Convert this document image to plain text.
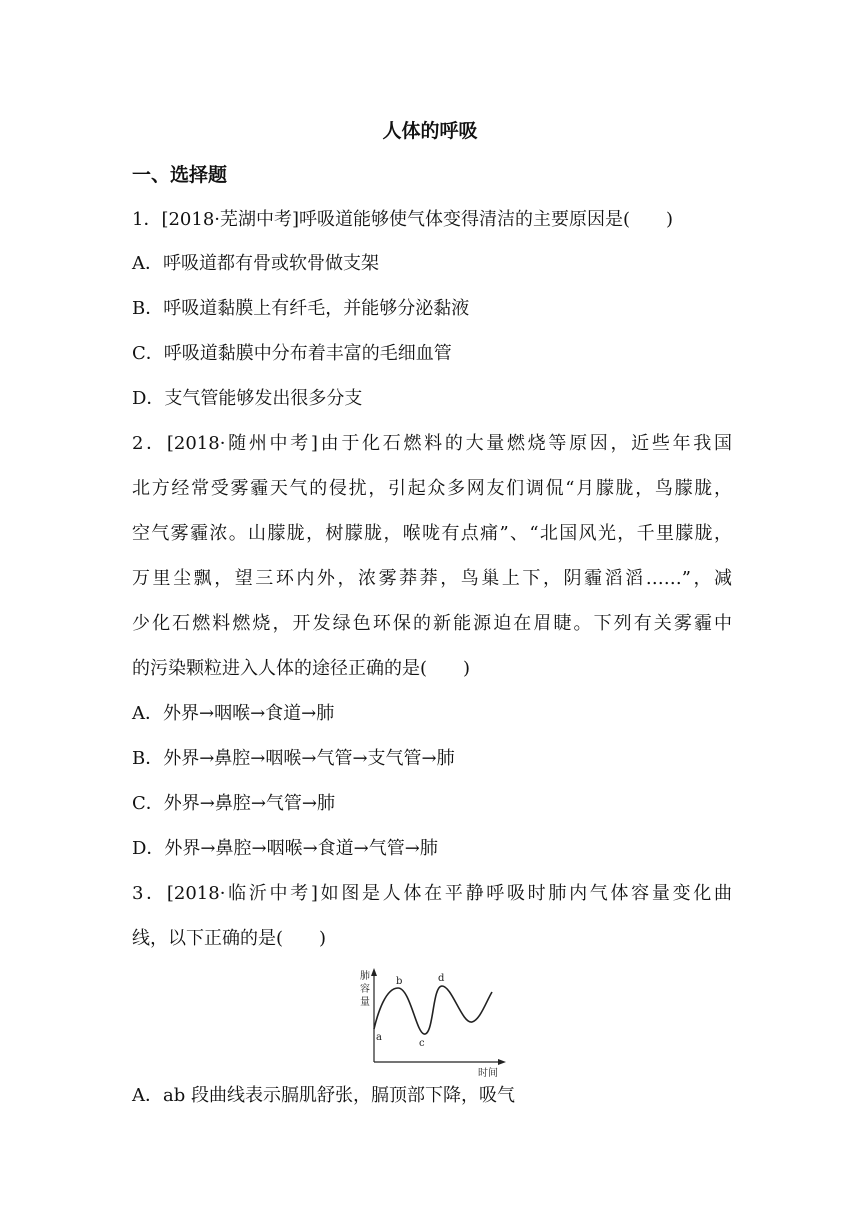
人体的呼吸
一、选择题
1．[2018·芜湖中考]呼吸道能够使气体变得清洁的主要原因是(　　)
A．呼吸道都有骨或软骨做支架
B．呼吸道黏膜上有纤毛，并能够分泌黏液
C．呼吸道黏膜中分布着丰富的毛细血管
D．支气管能够发出很多分支
2．[2018·随州中考]由于化石燃料的大量燃烧等原因，近些年我国
北方经常受雾霾天气的侵扰，引起众多网友们调侃“月朦胧，鸟朦胧，
空气雾霾浓。山朦胧，树朦胧，喉咙有点痛”、“北国风光，千里朦胧，
万里尘飘，望三环内外，浓雾莽莽，鸟巢上下，阴霾滔滔……”，减
少化石燃料燃烧，开发绿色环保的新能源迫在眉睫。下列有关雾霾中
的污染颗粒进入人体的途径正确的是(　　)
A．外界→咽喉→食道→肺
B．外界→鼻腔→咽喉→气管→支气管→肺
C．外界→鼻腔→气管→肺
D．外界→鼻腔→咽喉→食道→气管→肺
3．[2018·临沂中考]如图是人体在平静呼吸时肺内气体容量变化曲
线，以下正确的是(　　)
肺
容
量
时间
a
b
c
d
A．ab 段曲线表示膈肌舒张，膈顶部下降，吸气
